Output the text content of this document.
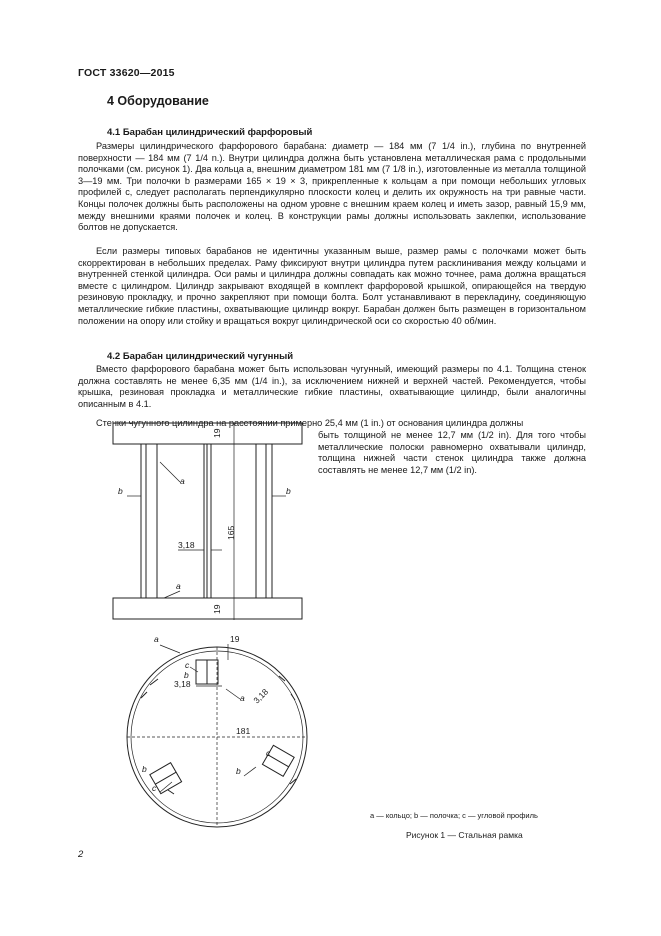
ГОСТ 33620—2015
4 Оборудование
4.1 Барабан цилиндрический фарфоровый

Размеры цилиндрического фарфорового барабана: диаметр — 184 мм (7 1/4 in.), глубина по внутренней поверхности — 184 мм (7 1/4 n.). Внутри цилиндра должна быть установлена металлическая рама с продольными полочками (см. рисунок 1). Два кольца a, внешним диаметром 181 мм (7 1/8 in.), изготовленные из металла толщиной 3—19 мм. Три полочки b размерами 165 × 19 × 3, прикрепленные к кольцам a при помощи небольших угловых профилей c, следует располагать перпендикулярно плоскости колец и делить их окружность на три равные части. Концы полочек должны быть расположены на одном уровне с внешним краем колец и иметь зазор, равный 15,9 мм, между внешними краями полочек и колец. В конструкции рамы должны использовать заклепки, использование болтов не допускается.

Если размеры типовых барабанов не идентичны указанным выше, размер рамы с полочками может быть скорректирован в небольших пределах. Раму фиксируют внутри цилиндра путем расклинивания между кольцами и внутренней стенкой цилиндра. Оси рамы и цилиндра должны совпадать как можно точнее, рама должна вращаться вместе с цилиндром. Цилиндр закрывают входящей в комплект фарфоровой крышкой, опирающейся на твердую резиновую прокладку, и прочно закрепляют при помощи болта. Болт устанавливают в перекладину, соединяющую металлические гибкие пластины, охватывающие цилиндр вокруг. Барабан должен быть размещен в горизонтальном положении на опору или стойку и вращаться вокруг цилиндрической оси со скоростью 40 об/мин.

4.2 Барабан цилиндрический чугунный

Вместо фарфорового барабана может быть использован чугунный, имеющий размеры по 4.1. Толщина стенок должна составлять не менее 6,35 мм (1/4 in.), за исключением нижней и верхней частей. Рекомендуется, чтобы крышка, резиновая прокладка и металлические гибкие пластины, охватывающие цилиндр, были аналогичны описанным в 4.1.

Стенки чугунного цилиндра на расстоянии примерно 25,4 мм (1 in.) от основания цилиндра должны

быть толщиной не менее 12,7 мм (1/2 in). Для того чтобы металлические полоски равномерно охватывали цилиндр, толщина нижней части стенок цилиндра также должна составлять не менее 12,7 мм (1/2 in).

b	b
a
a
3,18
19
165
19
a	19
c
b
3,18
a 3,18
181
c
b
b
c
a — кольцо; b — полочка; c — угловой профиль
Рисунок 1 — Стальная рамка
2
